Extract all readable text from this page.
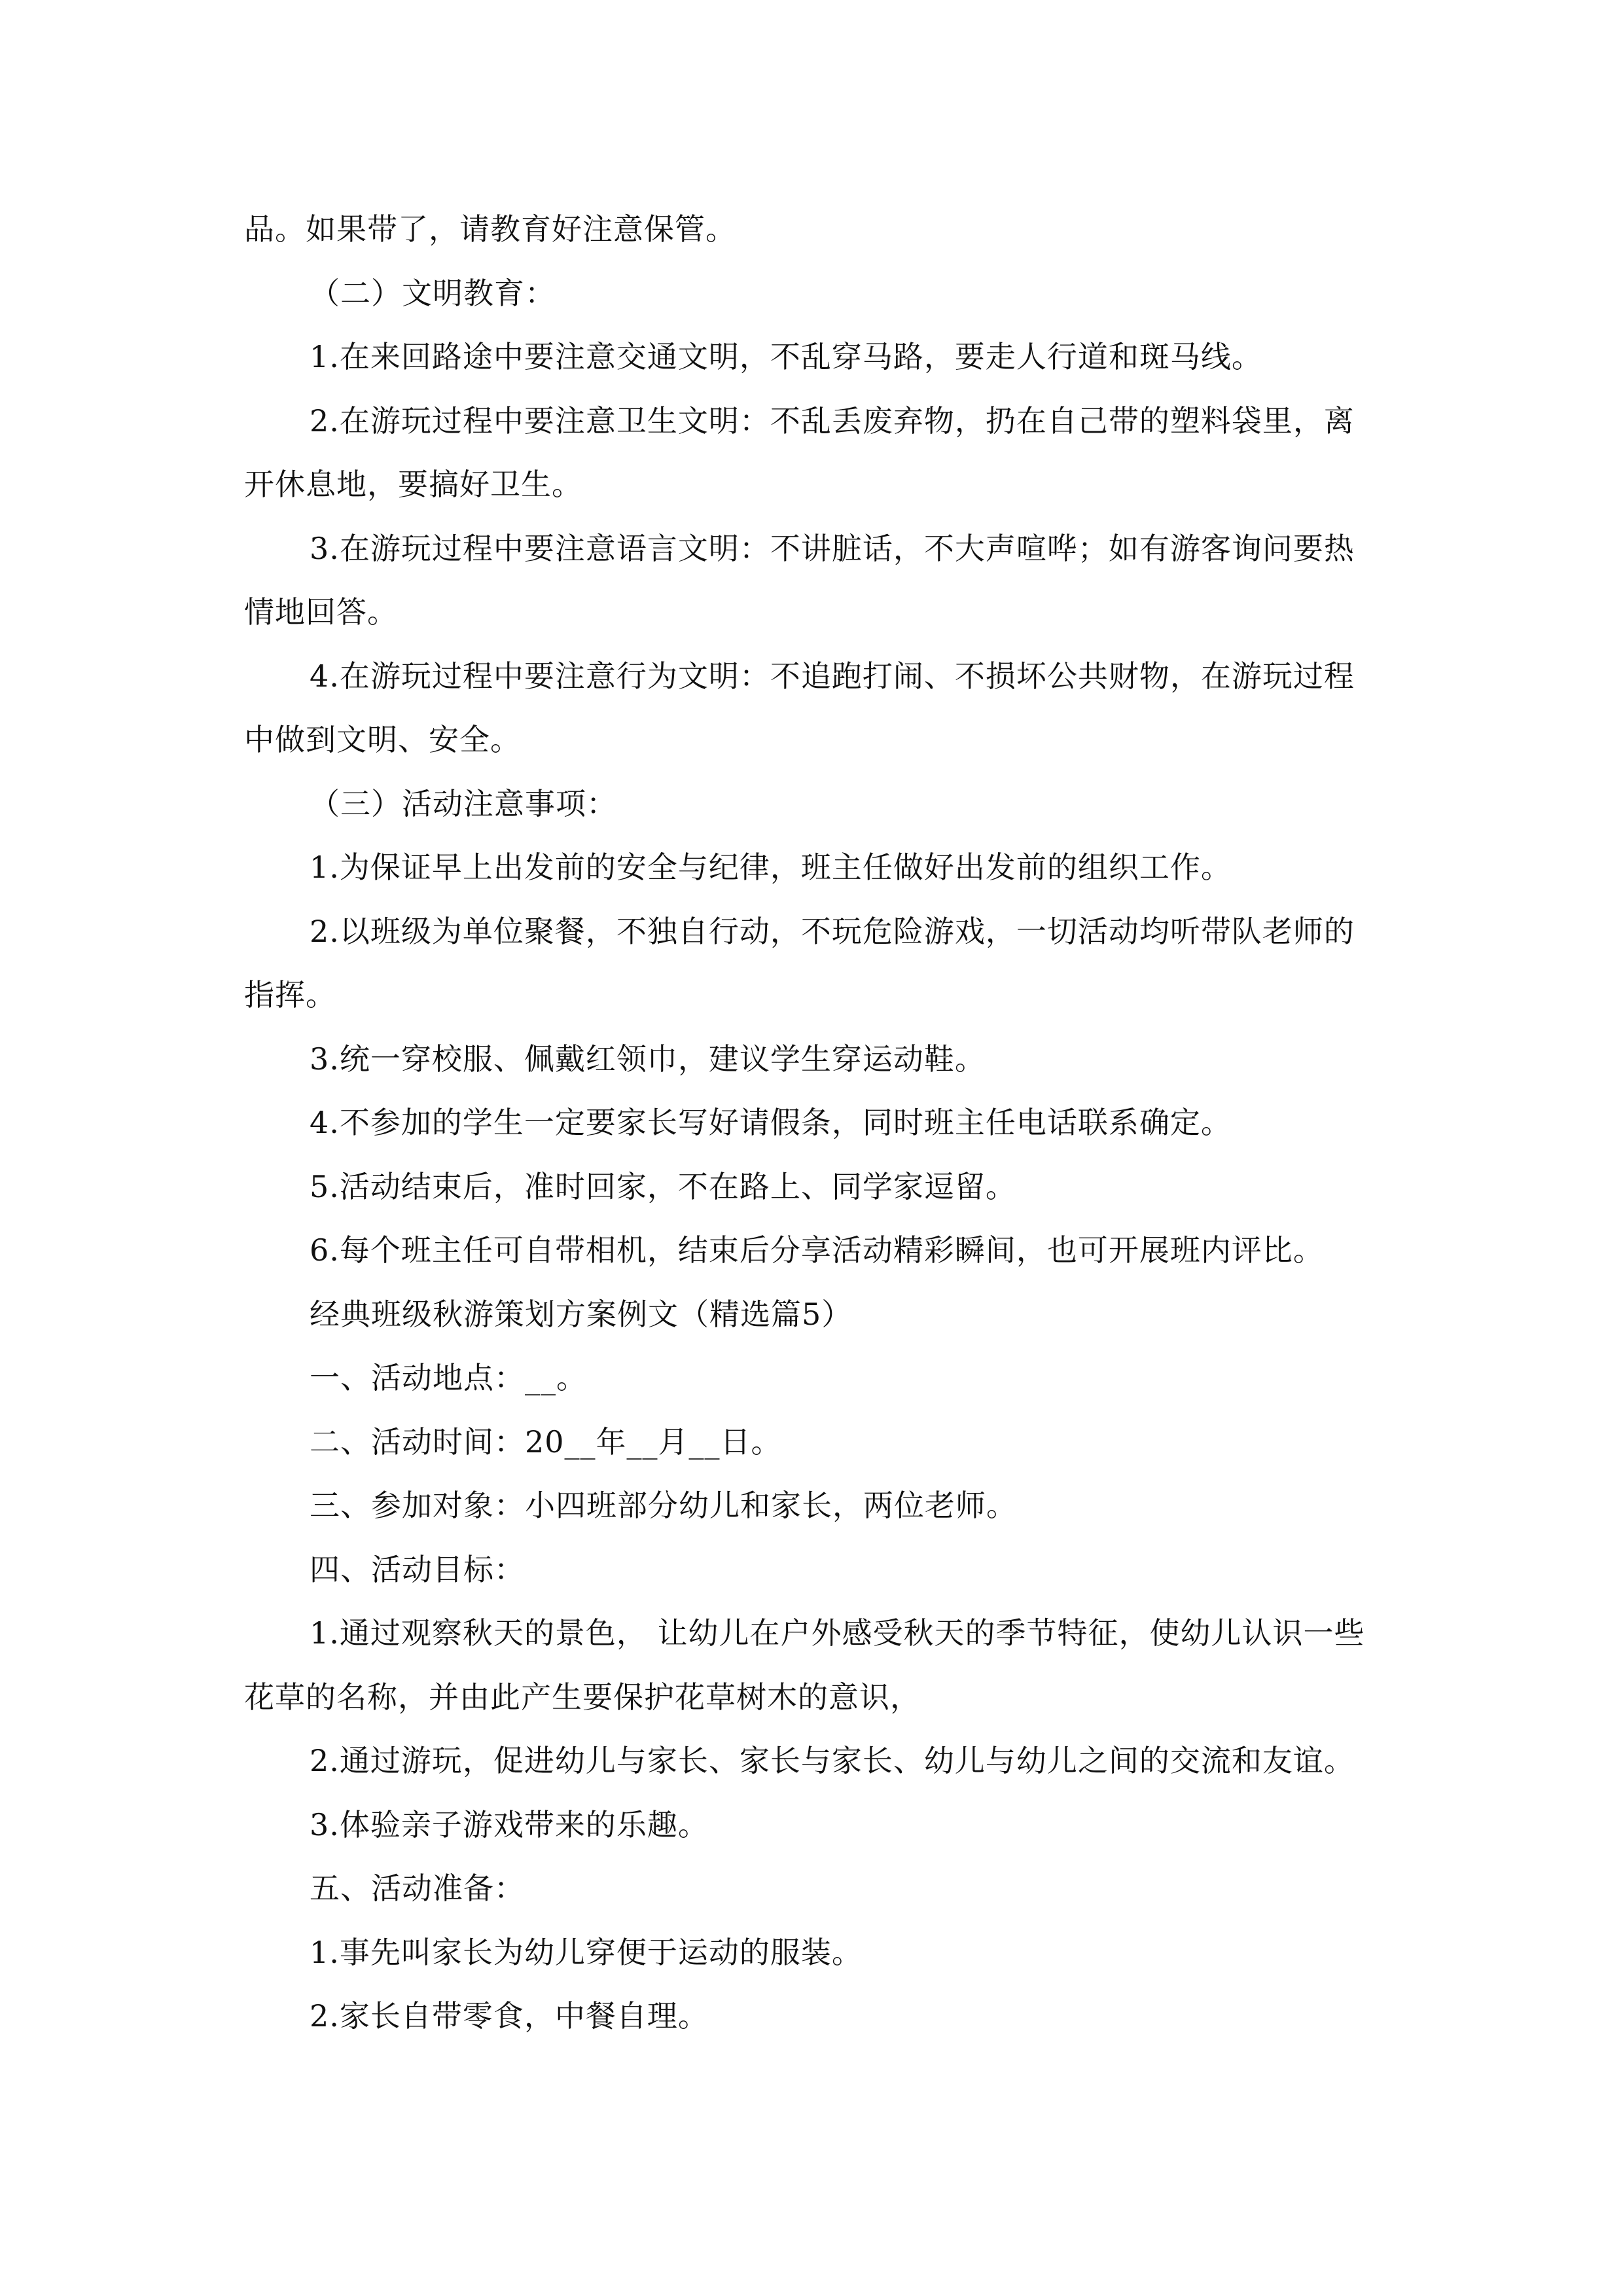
品。如果带了，请教育好注意保管。

（二）文明教育：

1.在来回路途中要注意交通文明，不乱穿马路，要走人行道和斑马线。

2.在游玩过程中要注意卫生文明：不乱丢废弃物，扔在自己带的塑料袋里，离开休息地，要搞好卫生。

3.在游玩过程中要注意语言文明：不讲脏话，不大声喧哗；如有游客询问要热情地回答。

4.在游玩过程中要注意行为文明：不追跑打闹、不损坏公共财物，在游玩过程中做到文明、安全。

（三）活动注意事项：

1.为保证早上出发前的安全与纪律，班主任做好出发前的组织工作。

2.以班级为单位聚餐，不独自行动，不玩危险游戏，一切活动均听带队老师的指挥。

3.统一穿校服、佩戴红领巾，建议学生穿运动鞋。

4.不参加的学生一定要家长写好请假条，同时班主任电话联系确定。

5.活动结束后，准时回家，不在路上、同学家逗留。

6.每个班主任可自带相机，结束后分享活动精彩瞬间，也可开展班内评比。

经典班级秋游策划方案例文（精选篇5）

一、活动地点：__。

二、活动时间：20__年__月__日。

三、参加对象：小四班部分幼儿和家长，两位老师。

四、活动目标：

1.通过观察秋天的景色， 让幼儿在户外感受秋天的季节特征，使幼儿认识一些花草的名称，并由此产生要保护花草树木的意识，

2.通过游玩，促进幼儿与家长、家长与家长、幼儿与幼儿之间的交流和友谊。

3.体验亲子游戏带来的乐趣。

五、活动准备：

1.事先叫家长为幼儿穿便于运动的服装。

2.家长自带零食，中餐自理。
